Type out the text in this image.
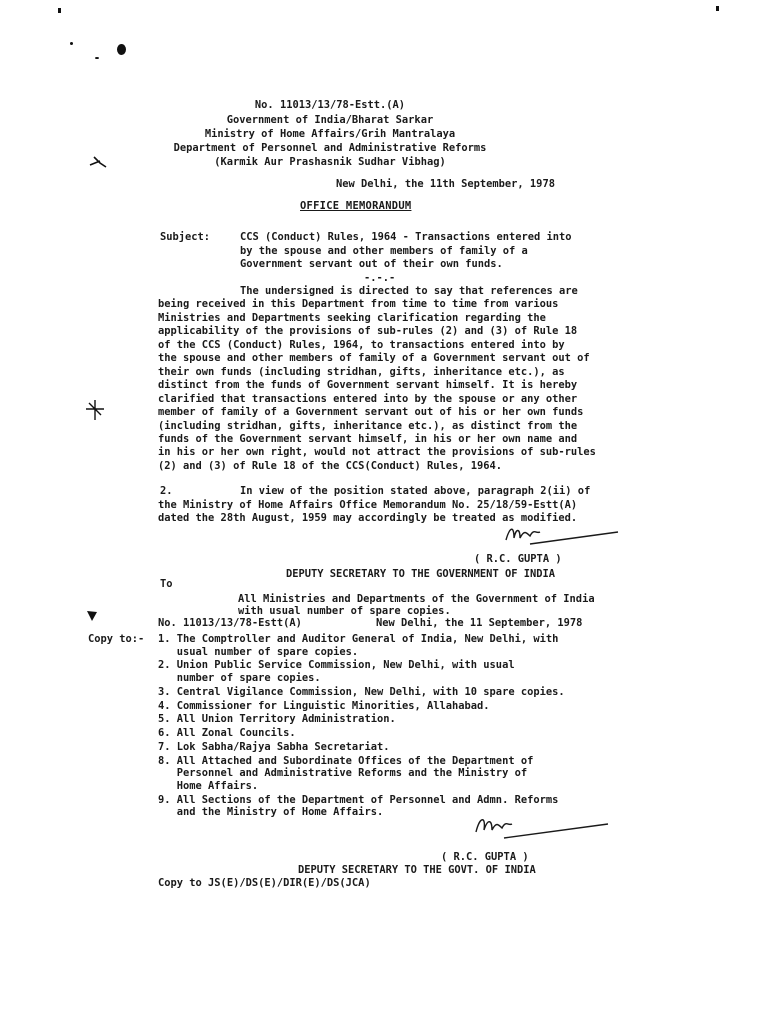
No. 11013/13/78-Estt.(A)
Government of India/Bharat Sarkar
Ministry of Home Affairs/Grih Mantralaya
Department of Personnel and Administrative Reforms
(Karmik Aur Prashasnik Sudhar Vibhag)
New Delhi, the 11th September, 1978
OFFICE MEMORANDUM
Subject:	CCS (Conduct) Rules, 1964 - Transactions entered into
by the spouse and other members of family of a
Government servant out of their own funds.
-.-.-
The undersigned is directed to say that references are
being received in this Department from time to time from various
Ministries and Departments seeking clarification regarding the
applicability of the provisions of sub-rules (2) and (3) of Rule 18
of the CCS (Conduct) Rules, 1964, to transactions entered into by
the spouse and other members of family of a Government servant out of
their own funds (including stridhan, gifts, inheritance etc.), as
distinct from the funds of Government servant himself. It is hereby
clarified that transactions entered into by the spouse or any other
member of family of a Government servant out of his or her own funds
(including stridhan, gifts, inheritance etc.), as distinct from the
funds of the Government servant himself, in his or her own name and
in his or her own right, would not attract the provisions of sub-rules
(2) and (3) of Rule 18 of the CCS(Conduct) Rules, 1964.
2.	In view of the position stated above, paragraph 2(ii) of
the Ministry of Home Affairs Office Memorandum No. 25/18/59-Estt(A)
dated the 28th August, 1959 may accordingly be treated as modified.
( R.C. GUPTA )
DEPUTY SECRETARY TO THE GOVERNMENT OF INDIA
To
All Ministries and Departments of the Government of India
with usual number of spare copies.
No. 11013/13/78-Estt(A)	New Delhi, the 11 September, 1978
Copy to:- 1. The Comptroller and Auditor General of India, New Delhi, with
usual number of spare copies.
2. Union Public Service Commission, New Delhi, with usual
number of spare copies.
3. Central Vigilance Commission, New Delhi, with 10 spare copies.
4. Commissioner for Linguistic Minorities, Allahabad.
5. All Union Territory Administration.
6. All Zonal Councils.
7. Lok Sabha/Rajya Sabha Secretariat.
8. All Attached and Subordinate Offices of the Department of
Personnel and Administrative Reforms and the Ministry of
Home Affairs.
9. All Sections of the Department of Personnel and Admn. Reforms
and the Ministry of Home Affairs.
( R.C. GUPTA )
DEPUTY SECRETARY TO THE GOVT. OF INDIA
Copy to JS(E)/DS(E)/DIR(E)/DS(JCA)
